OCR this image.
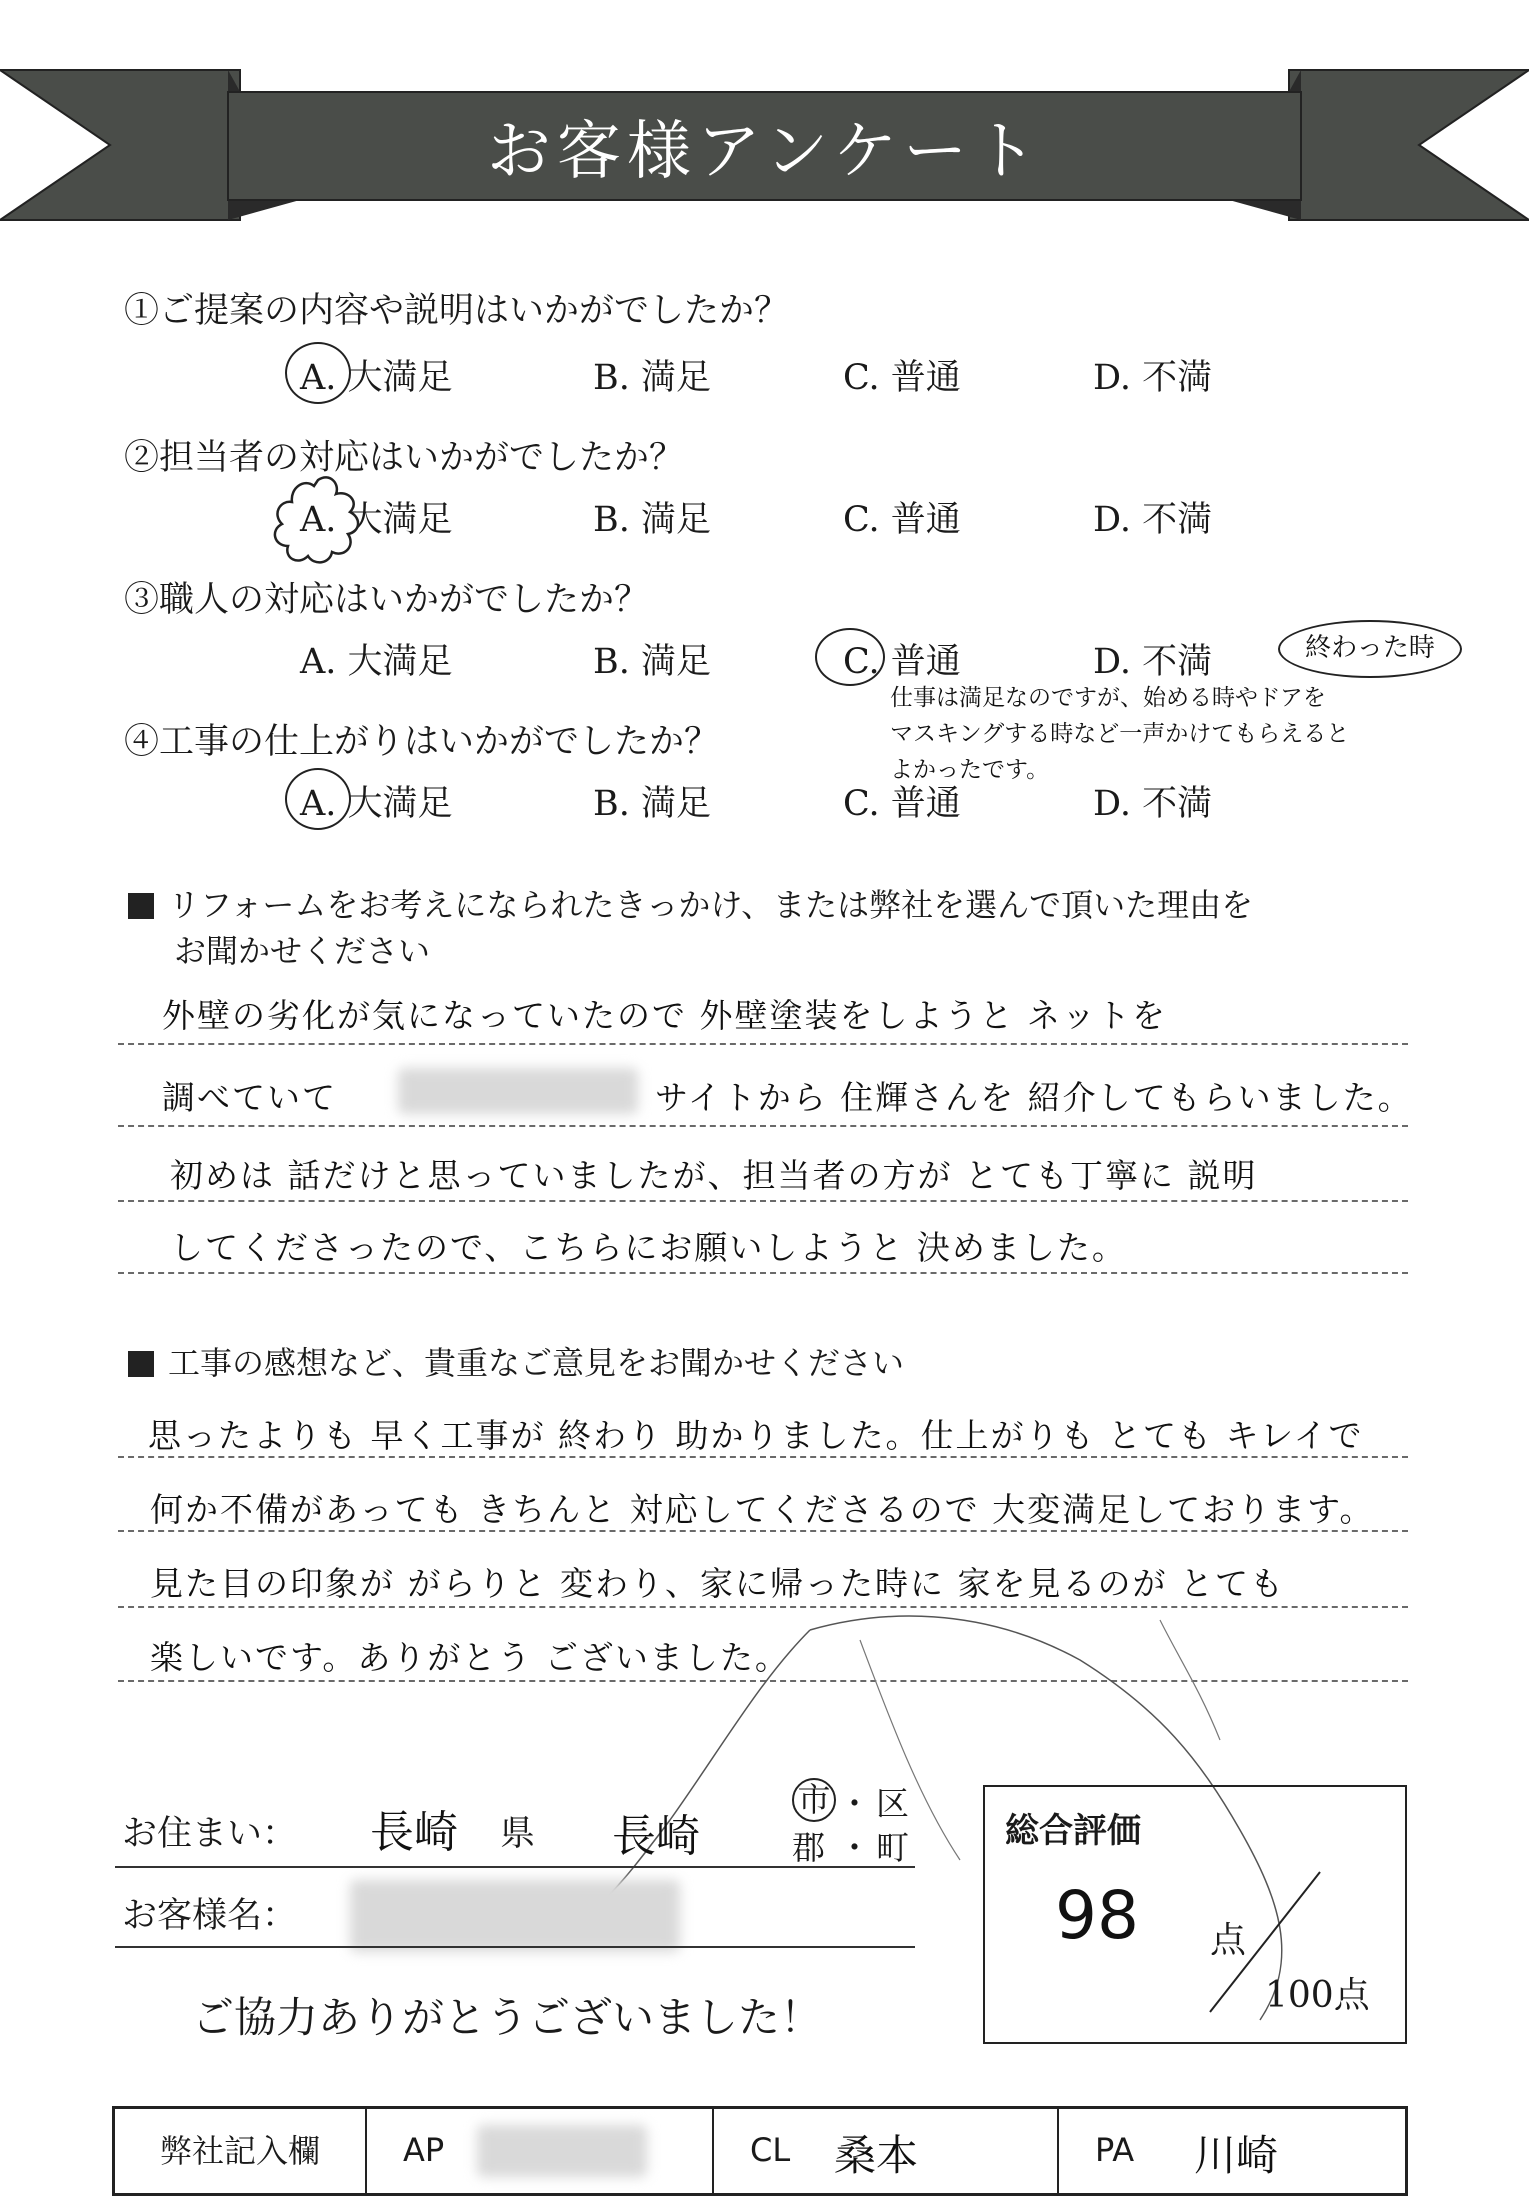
お客様アンケート
①ご提案の内容や説明はいかがでしたか？
A. 大満足	B. 満足	C. 普通	D. 不満
②担当者の対応はいかがでしたか？
A. 大満足	B. 満足	C. 普通	D. 不満
③職人の対応はいかがでしたか？
A. 大満足	B. 満足	C. 普通	D. 不満	終わった時
仕事は満足なのですが、始める時やドアを
マスキングする時など一声かけてもらえると
よかったです。
④工事の仕上がりはいかがでしたか？
A. 大満足	B. 満足	C. 普通	D. 不満
リフォームをお考えになられたきっかけ、または弊社を選んで頂いた理由を
お聞かせください
外壁の劣化が気になっていたので 外壁塗装をしようと ネットを
調べていて	サイトから 住輝さんを 紹介してもらいました。
初めは 話だけと思っていましたが、担当者の方が とても丁寧に 説明
してくださったので、こちらにお願いしようと 決めました。
工事の感想など、貴重なご意見をお聞かせください
思ったよりも 早く工事が 終わり 助かりました。仕上がりも とても キレイで
何か不備があっても きちんと 対応してくださるので 大変満足しております。
見た目の印象が がらりと 変わり、家に帰った時に 家を見るのが とても
楽しいです。ありがとう ございました。
お住まい： 長崎 県 長崎
市 ・ 区
郡 ・ 町
お客様名：
ご協力ありがとうございました！
総合評価
98 点
100点
弊社記入欄	AP	CL 桑本	PA 川崎
